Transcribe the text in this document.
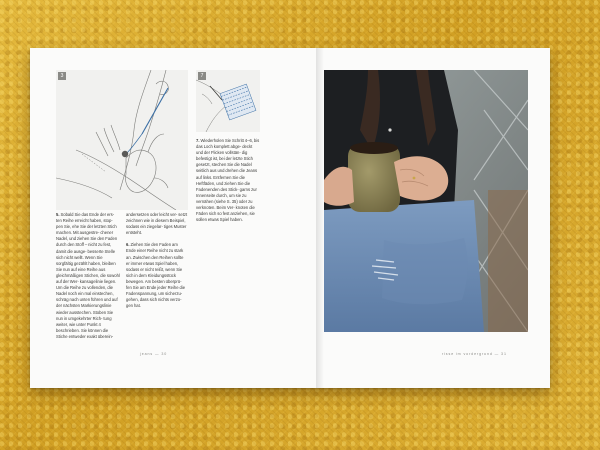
3	7

5. Sobald Sie das Ende der ers- ten Reihe erreicht haben, stop- pen Sie, ehe Sie der letzten Stich machen. Mit ausgestre- chener Nadel, und ziehen Sie den Faden durch den Stoff – nicht zu fest, damit die ausge- besserte Stelle sich nicht wellt. Wenn Sie sorgfältig gezählt haben, bleiben Sie nun auf eine Reihe aus gleichmäßigen Stichen, die sowohl auf der Wer- kansagelinie liegen. Um die Reihe zu vollenden, die Nadel noch ein mal einstechen, schräg nach unten führen und auf der nächsten Markierungslinie wieder ausstechen. Stoben Sie nun in umgekehrter Rich- tung weiter, wie unter Punkt 4 beschrieben. Sie können die Stiche entweder exakt überein-

andersetzen oder leicht ver- setzt zeichnen wie in diesem Beispiel, sodass ein ziegelar- tiges Muster entsteht.

6. Ziehen Sie den Faden am Ende einer Reihe nicht zu stark an. Zwischen den Reihen sollte er immer etwas Spiel haben, sodass er nicht reißt, wenn Sie sich in dem Kleidungsstück bewegen. Am besten überprü- fen Sie am Ende jeder Reihe die Fadenspannung, um sicherzu- gehen, dass sich nichts verzo- gen hat.

7. Wiederholen Sie Schritt 4–6, bis das Loch komplett abge- deckt und der Flicken vollstän- dig befestigt ist, bei der letzte Stich gesetzt, stechen Sie die Nadel seitlich aus und drehen die Jeans auf links. Entfernen Sie die Heftfäden, und ziehen Sie die Fadenenden des Stick- garns zur Innenseite durch, um sie zu vernähen (siehe S. 35) oder zu verknoten. Beim Ver- knoten die Fäden sich so fest anziehen, sie sollen etwas Spiel haben.

jeans — 30	risse im vordergrund — 31
